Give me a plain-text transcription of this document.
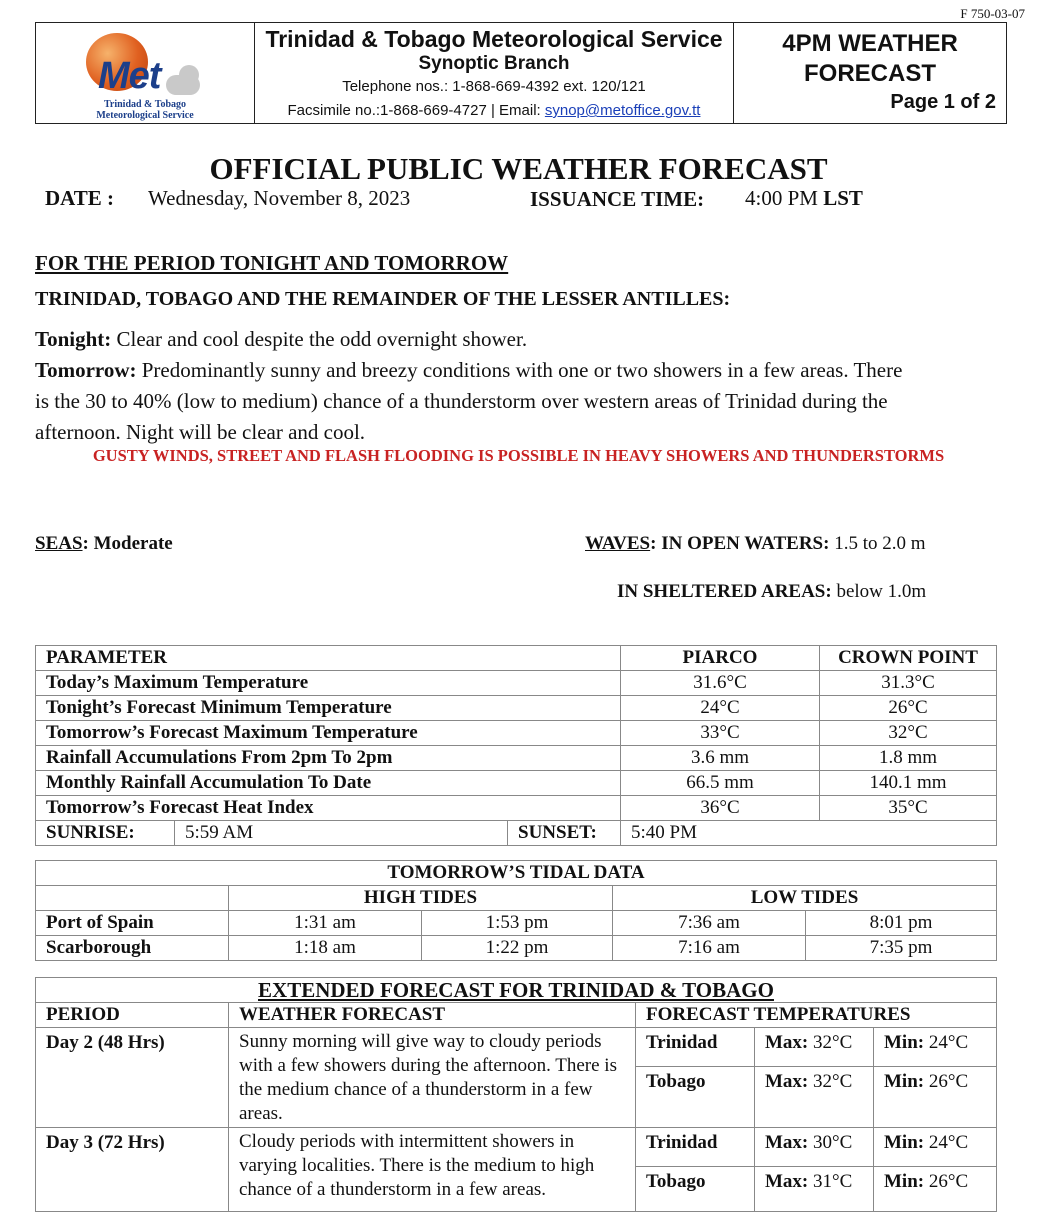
F 750-03-07
Met
Trinidad & Tobago
Meteorological Service
Trinidad & Tobago Meteorological Service
Synoptic Branch
Telephone nos.: 1-868-669-4392 ext. 120/121
Facsimile no.:1-868-669-4727 | Email: synop@metoffice.gov.tt
4PM WEATHER
FORECAST
Page 1 of 2
OFFICIAL PUBLIC WEATHER FORECAST
DATE : Wednesday, November 8, 2023	ISSUANCE TIME: 4:00 PM LST
FOR THE PERIOD TONIGHT AND TOMORROW
TRINIDAD, TOBAGO AND THE REMAINDER OF THE LESSER ANTILLES:
Tonight: Clear and cool despite the odd overnight shower.
Tomorrow: Predominantly sunny and breezy conditions with one or two showers in a few areas. There
is the 30 to 40% (low to medium) chance of a thunderstorm over western areas of Trinidad during the
afternoon. Night will be clear and cool.
GUSTY WINDS, STREET AND FLASH FLOODING IS POSSIBLE IN HEAVY SHOWERS AND THUNDERSTORMS
SEAS: Moderate	WAVES: IN OPEN WATERS: 1.5 to 2.0 m
IN SHELTERED AREAS: below 1.0m
PARAMETER			PIARCO	CROWN POINT
Today’s Maximum Temperature			31.6°C	31.3°C
Tonight’s Forecast Minimum Temperature			24°C	26°C
Tomorrow’s Forecast Maximum Temperature			33°C	32°C
Rainfall Accumulations From 2pm To 2pm			3.6 mm	1.8 mm
Monthly Rainfall Accumulation To Date			66.5 mm	140.1 mm
Tomorrow’s Forecast Heat Index			36°C	35°C
SUNRISE:	5:59 AM	SUNSET:	5:40 PM	
TOMORROW’S TIDAL DATA				
	HIGH TIDES		LOW TIDES	
Port of Spain	1:31 am	1:53 pm	7:36 am	8:01 pm
Scarborough	1:18 am	1:22 pm	7:16 am	7:35 pm
EXTENDED FORECAST FOR TRINIDAD & TOBAGO				
PERIOD	WEATHER FORECAST	FORECAST TEMPERATURES		
Day 2 (48 Hrs)	Sunny morning will give way to cloudy periods with a few showers during the afternoon. There is the medium chance of a thunderstorm in a few areas.	Trinidad	Max: 32°C	Min: 24°C
		Tobago	Max: 32°C	Min: 26°C
Day 3 (72 Hrs)	Cloudy periods with intermittent showers in varying localities. There is the medium to high chance of a thunderstorm in a few areas.	Trinidad	Max: 30°C	Min: 24°C
		Tobago	Max: 31°C	Min: 26°C
